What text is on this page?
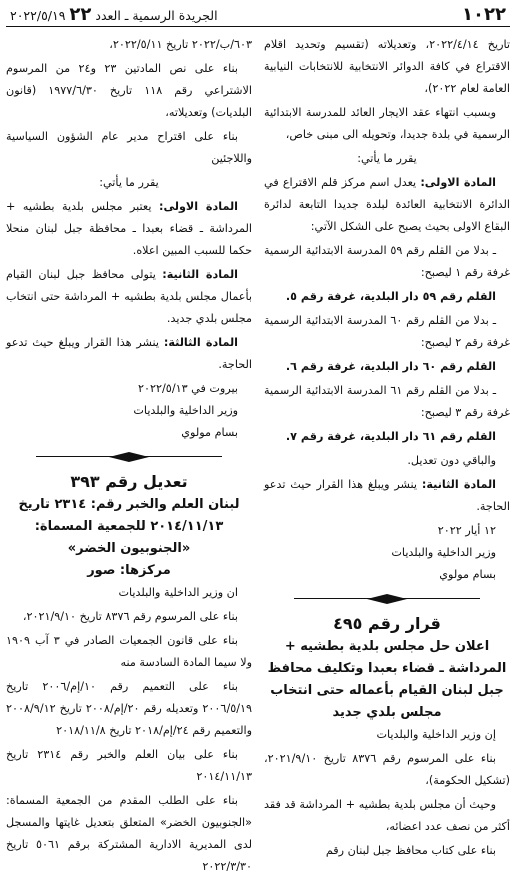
١٠٢٢
الجريدة الرسمية ـ العدد ٢٢ ٢٠٢٢/٥/١٩

تاريخ ٢٠٢٢/٤/١٤، وتعديلاته (تقسيم وتحديد اقلام الاقتراع في كافة الدوائر الانتخابية للانتخابات النيابية العامة لعام ٢٠٢٢)،

وبسبب انتهاء عقد الايجار العائد للمدرسة الابتدائية الرسمية في بلدة جديدا، وتحويله الى مبنى خاص،

يقرر ما يأتي:

المادة الاولى: يعدل اسم مركز قلم الاقتراع في الدائرة الانتخابية العائدة لبلدة جديدا التابعة لدائرة البقاع الاولى بحيث يصبح على الشكل الآتي:

ـ بدلا من القلم رقم ٥٩ المدرسة الابتدائية الرسمية غرفة رقم ١ ليصبح:

القلم رقم ٥٩ دار البلدية، غرفة رقم ٥.

ـ بدلا من القلم رقم ٦٠ المدرسة الابتدائية الرسمية غرفة رقم ٢ ليصبح:

القلم رقم ٦٠ دار البلدية، غرفة رقم ٦.

ـ بدلا من القلم رقم ٦١ المدرسة الابتدائية الرسمية غرفة رقم ٣ ليصبح:

القلم رقم ٦١ دار البلدية، غرفة رقم ٧.

والباقي دون تعديل.

المادة الثانية: ينشر ويبلغ هذا القرار حيث تدعو الحاجة.

١٢ أيار ٢٠٢٢
وزير الداخلية والبلديات
بسام مولوي
قرار رقم ٤٩٥
اعلان حل مجلس بلدية بطشيه + المرداشة ـ قضاء بعبدا وتكليف محافظ جبل لبنان القيام بأعماله حتى انتخاب مجلس بلدي جديد

إن وزير الداخلية والبلديات

بناء على المرسوم رقم ٨٣٧٦ تاريخ ٢٠٢١/٩/١٠، (تشكيل الحكومة)،

وحيث أن مجلس بلدية بطشيه + المرداشة قد فقد أكثر من نصف عدد اعضائه،

بناء على كتاب محافظ جبل لبنان رقم

٦٠٣/ب/٢٠٢٢ تاريخ ٢٠٢٢/٥/١١،

بناء على نص المادتين ٢٣ و٢٤ من المرسوم الاشتراعي رقم ١١٨ تاريخ ١٩٧٧/٦/٣٠ (قانون البلديات) وتعديلاته،

بناء على اقتراح مدير عام الشؤون السياسية واللاجئين

يقرر ما يأتي:

المادة الاولى: يعتبر مجلس بلدية بطشيه + المرداشة ـ قضاء بعبدا ـ محافظة جبل لبنان منحلا حكما للسبب المبين اعلاه.

المادة الثانية: يتولى محافظ جبل لبنان القيام بأعمال مجلس بلدية بطشيه + المرداشة حتى انتخاب مجلس بلدي جديد.

المادة الثالثة: ينشر هذا القرار ويبلغ حيث تدعو الحاجة.

بيروت في ٢٠٢٢/٥/١٣
وزير الداخلية والبلديات
بسام مولوي
تعديل رقم ٣٩٣
لبنان العلم والخبر رقم: ٢٣١٤ تاريخ ٢٠١٤/١١/١٣ للجمعية المسماة: «الجنوبيون الخضر»
مركزها: صور

ان وزير الداخلية والبلديات

بناء على المرسوم رقم ٨٣٧٦ تاريخ ٢٠٢١/٩/١٠،

بناء على قانون الجمعيات الصادر في ٣ آب ١٩٠٩ ولا سيما المادة السادسة منه

بناء على التعميم رقم ١٠/إم/٢٠٠٦ تاريخ ٢٠٠٦/٥/١٩ وتعديله رقم ٢٠/إم/٢٠٠٨ تاريخ ٢٠٠٨/٩/١٢ والتعميم رقم ٢٤/إم/٢٠١٨ تاريخ ٢٠١٨/١١/٨

بناء على بيان العلم والخبر رقم ٢٣١٤ تاريخ ٢٠١٤/١١/١٣

بناء على الطلب المقدم من الجمعية المسماة: «الجنوبيون الخضر» المتعلق بتعديل غايتها والمسجل لدى المديرية الادارية المشتركة برقم ٥٠٦١ تاريخ ٢٠٢٢/٣/٣٠
